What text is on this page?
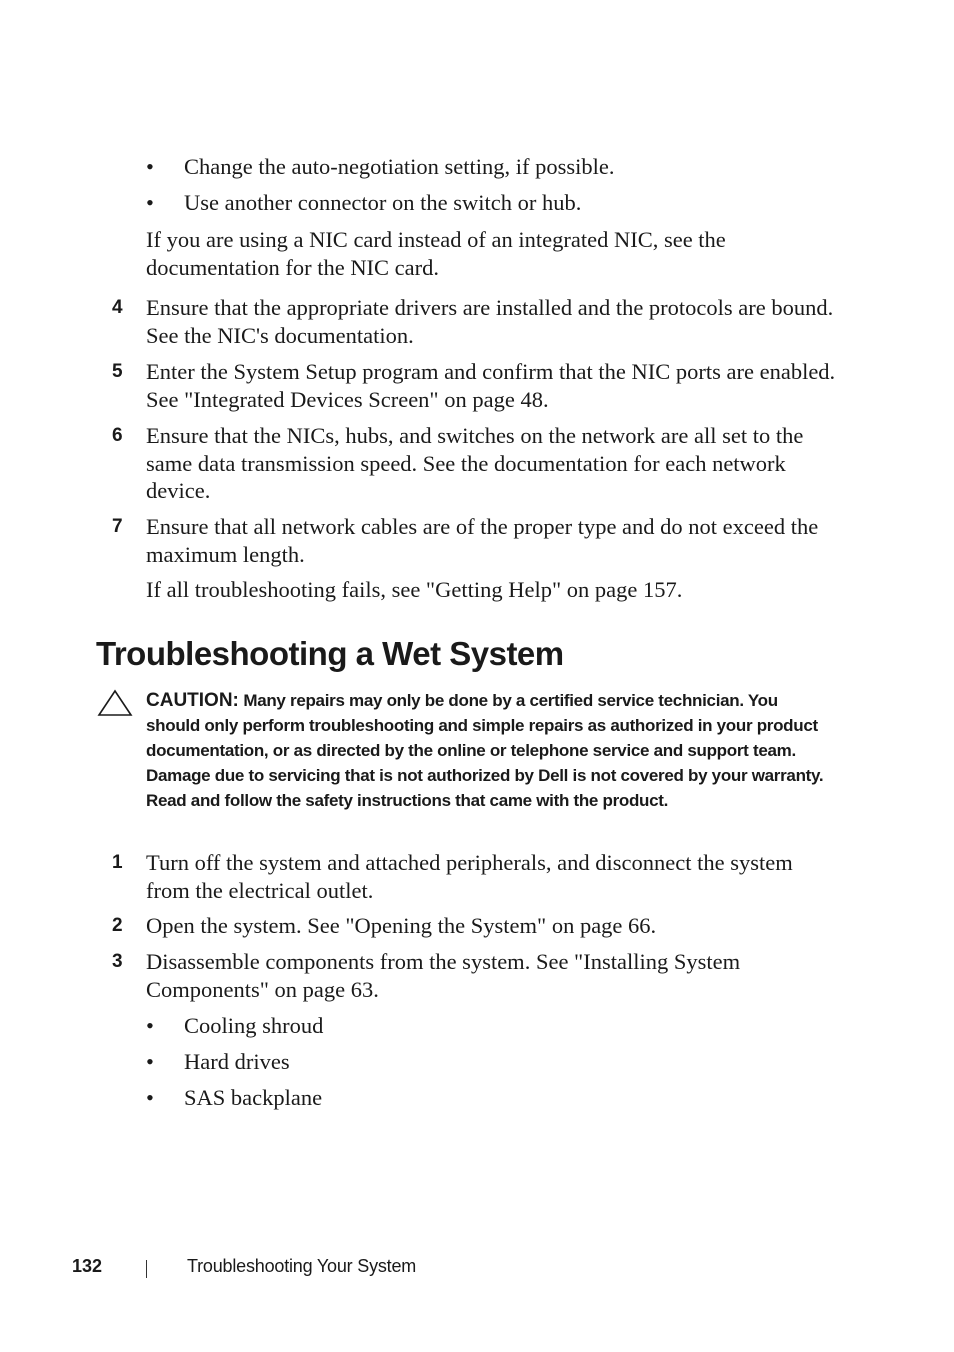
• Change the auto-negotiation setting, if possible.
• Use another connector on the switch or hub.
If you are using a NIC card instead of an integrated NIC, see the documentation for the NIC card.
4 Ensure that the appropriate drivers are installed and the protocols are bound. See the NIC's documentation.
5 Enter the System Setup program and confirm that the NIC ports are enabled. See "Integrated Devices Screen" on page 48.
6 Ensure that the NICs, hubs, and switches on the network are all set to the same data transmission speed. See the documentation for each network device.
7 Ensure that all network cables are of the proper type and do not exceed the maximum length.
If all troubleshooting fails, see "Getting Help" on page 157.
Troubleshooting a Wet System
CAUTION: Many repairs may only be done by a certified service technician. You should only perform troubleshooting and simple repairs as authorized in your product documentation, or as directed by the online or telephone service and support team. Damage due to servicing that is not authorized by Dell is not covered by your warranty. Read and follow the safety instructions that came with the product.
1 Turn off the system and attached peripherals, and disconnect the system from the electrical outlet.
2 Open the system. See "Opening the System" on page 66.
3 Disassemble components from the system. See "Installing System Components" on page 63.
• Cooling shroud
• Hard drives
• SAS backplane
132	Troubleshooting Your System
